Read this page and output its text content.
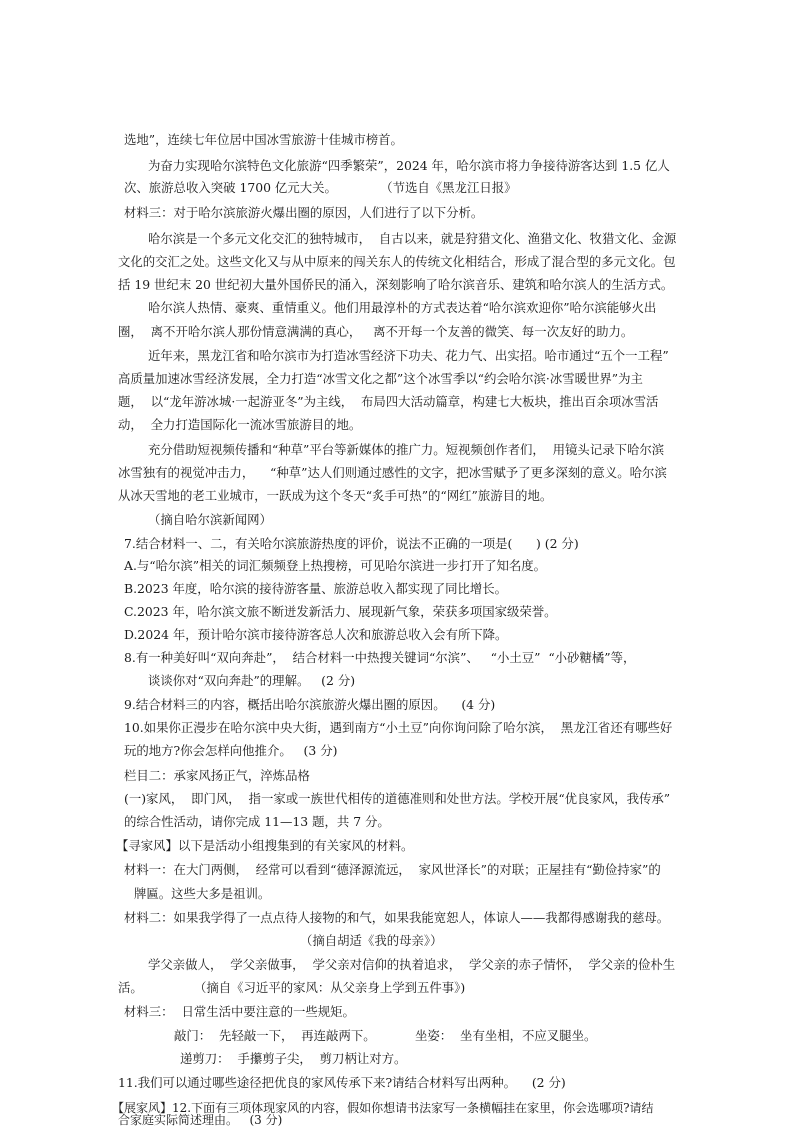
选地”，连续七年位居中国冰雪旅游十佳城市榜首。
为奋力实现哈尔滨特色文化旅游“四季繁荣”，2024 年，哈尔滨市将力争接待游客达到 1.5 亿人
次、旅游总收入突破 1700 亿元大关。           （节选自《黑龙江日报》
材料三：对于哈尔滨旅游火爆出圈的原因，人们进行了以下分析。
哈尔滨是一个多元文化交汇的独特城市，  自古以来，就是狩猎文化、渔猎文化、牧猎文化、金源
文化的交汇之处。这些文化又与从中原来的闯关东人的传统文化相结合，形成了混合型的多元文化。包
括 19 世纪末 20 世纪初大量外国侨民的涌入，深刻影响了哈尔滨音乐、建筑和哈尔滨人的生活方式。
哈尔滨人热情、豪爽、重情重义。他们用最淳朴的方式表达着“哈尔滨欢迎你”哈尔滨能够火出
圈，  离不开哈尔滨人那份情意满满的真心，   离不开每一个友善的微笑、每一次友好的助力。
近年来，黑龙江省和哈尔滨市为打造冰雪经济下功夫、花力气、出实招。哈市通过“五个一工程”
高质量加速冰雪经济发展，全力打造“冰雪文化之都”这个冰雪季以“约会哈尔滨·冰雪暖世界”为主
题，  以“龙年游冰城·一起游亚冬”为主线，  布局四大活动篇章，构建七大板块，推出百余项冰雪活
动，  全力打造国际化一流冰雪旅游目的地。
充分借助短视频传播和“种草”平台等新媒体的推广力。短视频创作者们，  用镜头记录下哈尔滨
冰雪独有的视觉冲击力，    “种草”达人们则通过感性的文字，把冰雪赋予了更多深刻的意义。哈尔滨
从冰天雪地的老工业城市，一跃成为这个冬天“炙手可热”的“网红”旅游目的地。
（摘自哈尔滨新闻网）
7.结合材料一、二，有关哈尔滨旅游热度的评价，说法不正确的一项是(      ) (2 分)
A.与“哈尔滨”相关的词汇频频登上热搜榜，可见哈尔滨进一步打开了知名度。
B.2023 年度，哈尔滨的接待游客量、旅游总收入都实现了同比增长。
C.2023 年，哈尔滨文旅不断迸发新活力、展现新气象，荣获多项国家级荣誉。
D.2024 年，预计哈尔滨市接待游客总人次和旅游总收入会有所下降。
8.有一种美好叫“双向奔赴”，  结合材料一中热搜关键词“尔滨”、   “小土豆”  “小砂糖橘”等，
谈谈你对“双向奔赴”的理解。   (2 分)
9.结合材料三的内容，概括出哈尔滨旅游火爆出圈的原因。    (4 分)
10.如果你正漫步在哈尔滨中央大街，遇到南方“小土豆”向你询问除了哈尔滨，  黑龙江省还有哪些好
玩的地方?你会怎样向他推介。   (3 分)
栏目二：承家风扬正气，淬炼品格
(一)家风，  即门风，  指一家或一族世代相传的道德准则和处世方法。学校开展“优良家风，我传承”
的综合性活动，请你完成 11—13 题，共 7 分。
【寻家风】以下是活动小组搜集到的有关家风的材料。
材料一：在大门两侧，  经常可以看到“德泽源流远，  家风世泽长”的对联；正屋挂有“勤俭持家”的
牌匾。这些大多是祖训。
材料二：如果我学得了一点点待人接物的和气，如果我能宽恕人，体谅人——我都得感谢我的慈母。
（摘自胡适《我的母亲》）
学父亲做人，  学父亲做事，  学父亲对信仰的执着追求，  学父亲的赤子情怀，  学父亲的俭朴生
活。             （摘自《习近平的家风：从父亲身上学到五件事》)
材料三：  日常生活中要注意的一些规矩。
敲门：  先轻敲一下，  再连敲两下。          坐姿：  坐有坐相，不应叉腿坐。
递剪刀：  手攥剪子尖，  剪刀柄让对方。
11.我们可以通过哪些途径把优良的家风传承下来?请结合材料写出两种。    (2 分)
【展家风】12.下面有三项体现家风的内容，假如你想请书法家写一条横幅挂在家里，你会选哪项?请结
合家庭实际简述理由。   (3 分)
